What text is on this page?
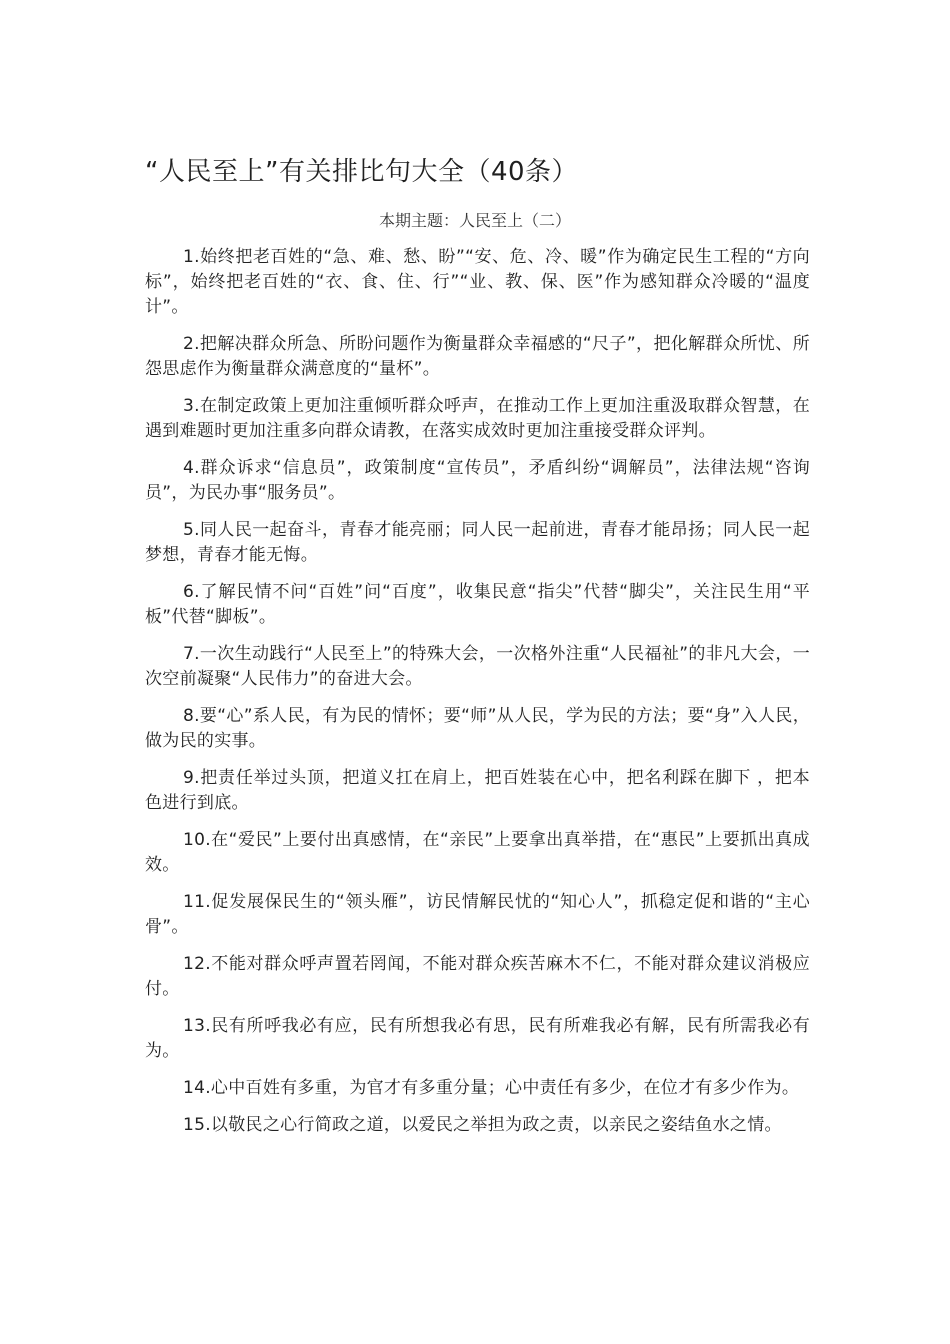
“人民至上”有关排比句大全（40条）
本期主题：人民至上（二）

1.始终把老百姓的“急、难、愁、盼”“安、危、冷、暖”作为确定民生工程的“方向标”，始终把老百姓的“衣、食、住、行”“业、教、保、医”作为感知群众冷暖的“温度计”。

2.把解决群众所急、所盼问题作为衡量群众幸福感的“尺子”，把化解群众所忧、所怨思虑作为衡量群众满意度的“量杯”。

3.在制定政策上更加注重倾听群众呼声，在推动工作上更加注重汲取群众智慧，在遇到难题时更加注重多向群众请教，在落实成效时更加注重接受群众评判。

4.群众诉求“信息员”，政策制度“宣传员”，矛盾纠纷“调解员”，法律法规“咨询员”，为民办事“服务员”。

5.同人民一起奋斗，青春才能亮丽；同人民一起前进，青春才能昂扬；同人民一起梦想，青春才能无悔。

6.了解民情不问“百姓”问“百度”，收集民意“指尖”代替“脚尖”，关注民生用“平板”代替“脚板”。

7.一次生动践行“人民至上”的特殊大会，一次格外注重“人民福祉”的非凡大会，一次空前凝聚“人民伟力”的奋进大会。

8.要“心”系人民，有为民的情怀；要“师”从人民，学为民的方法；要“身”入人民，做为民的实事。

9.把责任举过头顶，把道义扛在肩上，把百姓装在心中，把名利踩在脚下 ，把本色进行到底。

10.在“爱民”上要付出真感情，在“亲民”上要拿出真举措，在“惠民”上要抓出真成效。

11.促发展保民生的“领头雁”，访民情解民忧的“知心人”，抓稳定促和谐的“主心骨”。

12.不能对群众呼声置若罔闻，不能对群众疾苦麻木不仁，不能对群众建议消极应付。

13.民有所呼我必有应，民有所想我必有思，民有所难我必有解，民有所需我必有为。

14.心中百姓有多重，为官才有多重分量；心中责任有多少，在位才有多少作为。

15.以敬民之心行简政之道，以爱民之举担为政之责，以亲民之姿结鱼水之情。
